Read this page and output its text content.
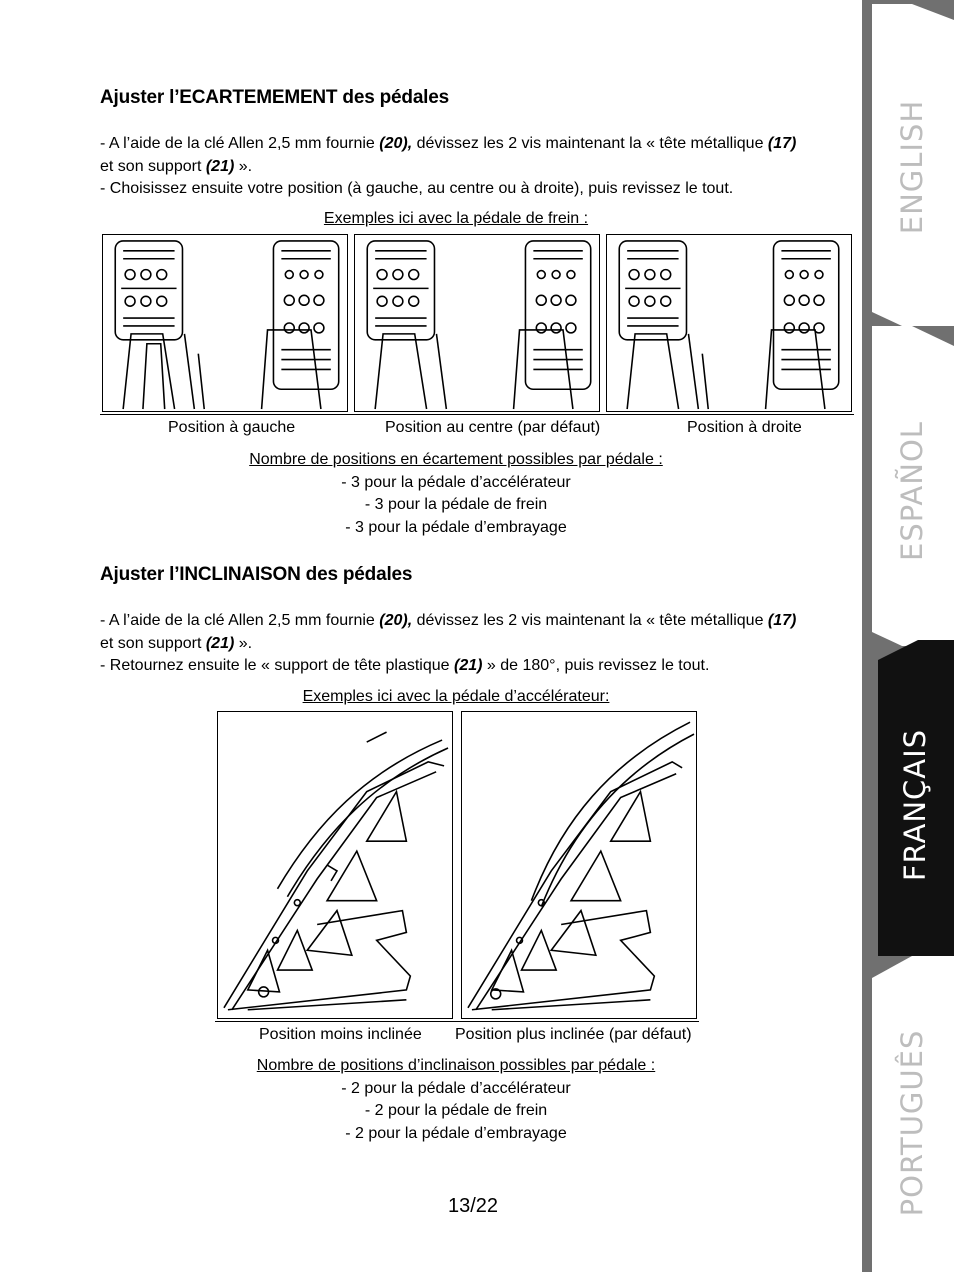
Ajuster l’ECARTEMEMENT des pédales

- A l’aide de la clé Allen 2,5 mm fournie (20), dévissez les 2 vis maintenant la « tête métallique (17)

et son support (21) ».

- Choisissez ensuite votre position (à gauche, au centre ou à droite), puis revissez le tout.

Exemples ici avec la pédale de frein :
Position à gauche	Position au centre (par défaut)	Position à droite
Nombre de positions en écartement possibles par pédale :
- 3 pour la pédale d’accélérateur
- 3 pour la pédale de frein
- 3 pour la pédale d’embrayage
Ajuster l’INCLINAISON des pédales

- A l’aide de la clé Allen 2,5 mm fournie (20), dévissez les 2 vis maintenant la « tête métallique (17)

et son support (21) ».

- Retournez ensuite le « support de tête plastique (21) » de 180°, puis revissez le tout.

Exemples ici avec la pédale d’accélérateur:
Position moins inclinée Position plus inclinée (par défaut)
Nombre de positions d’inclinaison possibles par pédale :
- 2 pour la pédale d’accélérateur
- 2 pour la pédale de frein
- 2 pour la pédale d’embrayage
13/22
ENGLISH
ESPAÑOL
FRANÇAIS
PORTUGUÊS
